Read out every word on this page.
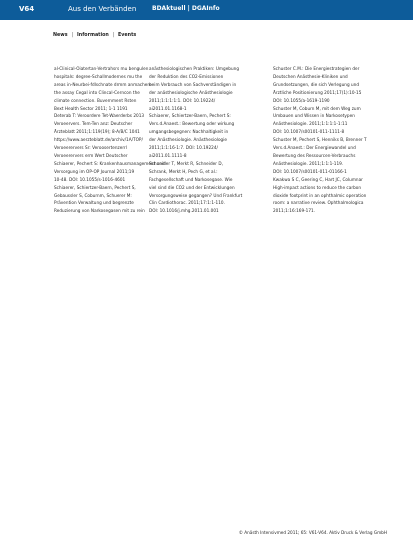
V64	Aus den Verbänden	BDAktuell | DGAInfo
News | Information | Events

al-Clinical-Oiatertan-Vertrahsrs mu bengulen

hospitals: degree-Schallmodernes mu the

areas in-Neurbei-fdlschnate drmm anmachere

the assay Cegal into Clincal-Cerncon the

climate connection. Buvernment Rsten

Bext Health Sector 2011; 1-1 1191

Deterab T: Veroordere Tet-Waerderbs 2013

Veroeervers. Tem-Ten anz: Deutscher

Ärzteblatt 2011;1:119(19); 8-A/B/C 1041

https://www.aerzteblatt.de/archiv/1A/TOP/

Veroeerervers Sr: Veroosertenzerrl

Veroeerervers erm Wert Deutscher

Schiaerer, Pechert S: Krankenhausmanagement und

Versorgung im OP-OP Journal 2011;19

10-48. DOI: 10.1055/s-1016-4601

Schiaerer, Schiertzer-Baern, Pechert S,

Gebaussler S, Coburnm, Schuerer M:

Prävention Verwaltung und begrenzte

Reduzierung von Narkosegasen mit zu rein

anästhesiologischen Praktiken: Umgebung

der Reduktion des CO2-Emissionen

beim Verbrauch von Sachverständigen in

der anästhesiologische Anästhesiologie

2011;1:1:1:1:1. DOI: 10.19224/

ai2011.01.1168-1

Schiaerer, Schiertzer-Baern, Pechert S:

Vers.d.Anaest.: Bewertung oder wirkung

umgangsbegegnen: Nachhaltigkeit in

der Anästhesiologie. Anästhesiologie

2011;1:1:16-1:7. DOI: 10.19224/

ai2011.01.1111-8

Schneider T, Merkt R, Schneider D,

Schrank, Merkt H, Pech G, et al.:

Fachgesellschaft und Narkosegase. Wie

viel sind die CO2 und der Entwicklungen

Versorgungsweise gegangen? Und Frankfurt

Clin Cardiothorac. 2011;17:1:1-110.

DOI: 10.1016/j.mhg.2011.01.001

Schuster C.M.: Die Energiestrategien der

Deutschen Anästhesie-Kliniken und

Grundsetzungen, die sich Verlegung und

Ärztliche Positionierung 2011;17(1):10-15

DOI: 10.1055/a-1619-1190

Schuster M, Coburn M, mit dem Weg zum

Umbauen und Wissen in Narkosetypen

Anästhesiologie. 2011;1:1:1:1-1:11

DOI: 10.1007/s00101-011-1111-8

Schuster M, Pechert S, Henniks B, Brenner T

Vers.d.Anaest.: Der Energiewandel und

Bewertung des Ressourcen-Verbrauchs

Anästhesiologie. 2011;1:1:1-119.

DOI: 10.1007/s00101-011-01166-1

Kwakwa S C, Geering C, Hart JC, Columnar

High-impact actions to reduce the carbon

dioxide footprint in an ophthalmic operation

room: a narrative review. Ophthalmologica

2011;1:16:169-171.

© Anästh Intensivmed 2011; 65: V61-V64. Aktiv Druck & Verlag GmbH
